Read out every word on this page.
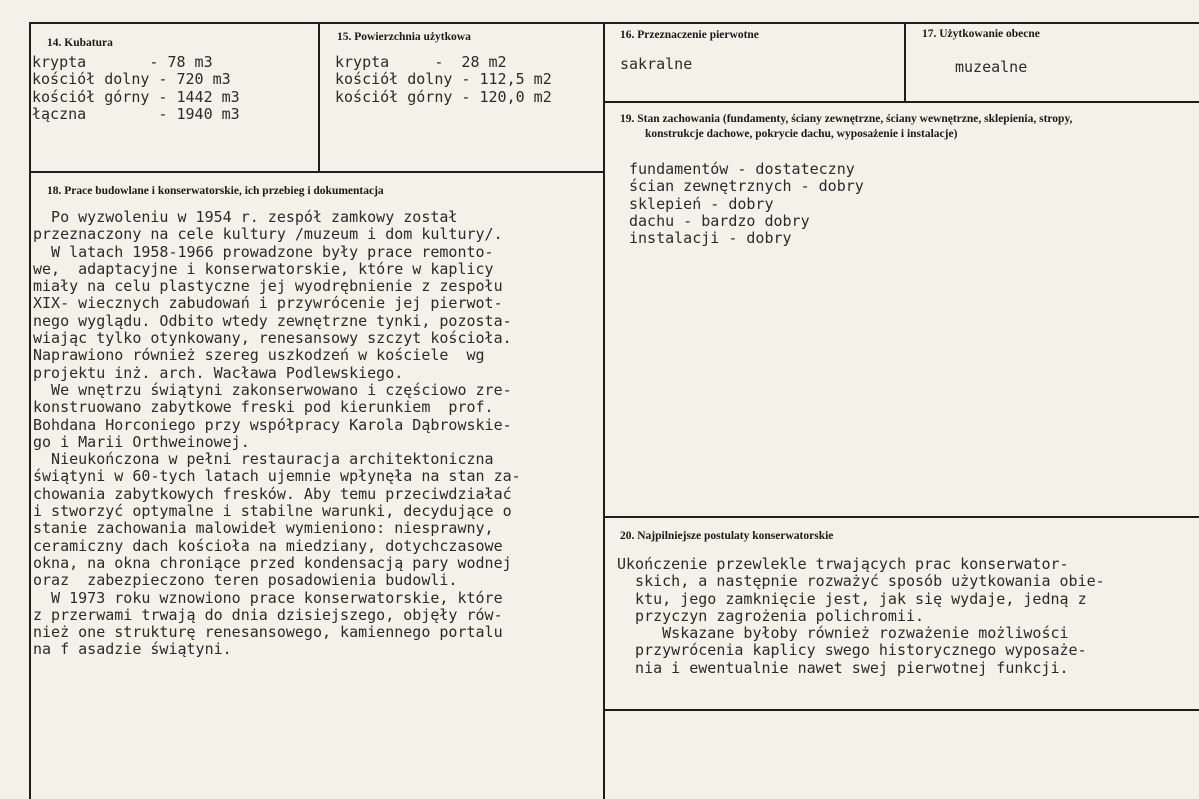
14. Kubatura
krypta       - 78 m3
kościół dolny - 720 m3
kościół górny - 1442 m3
łączna        - 1940 m3
15. Powierzchnia użytkowa
krypta     -  28 m2
kościół dolny - 112,5 m2
kościół górny - 120,0 m2
16. Przeznaczenie pierwotne
sakralne
17. Użytkowanie obecne
muzealne
19. Stan zachowania (fundamenty, ściany zewnętrzne, ściany wewnętrzne, sklepienia, stropy,
konstrukcje dachowe, pokrycie dachu, wyposażenie i instalacje)
fundamentów - dostateczny
ścian zewnętrznych - dobry
sklepień - dobry
dachu - bardzo dobry
instalacji - dobry
18. Prace budowlane i konserwatorskie, ich przebieg i dokumentacja
Po wyzwoleniu w 1954 r. zespół zamkowy został
przeznaczony na cele kultury /muzeum i dom kultury/.
W latach 1958-1966 prowadzone były prace remonto-
we,  adaptacyjne i konserwatorskie, które w kaplicy
miały na celu plastyczne jej wyodrębnienie z zespołu
XIX- wiecznych zabudowań i przywrócenie jej pierwot-
nego wyglądu. Odbito wtedy zewnętrzne tynki, pozosta-
wiając tylko otynkowany, renesansowy szczyt kościoła.
Naprawiono również szereg uszkodzeń w kościele  wg
projektu inż. arch. Wacława Podlewskiego.
We wnętrzu świątyni zakonserwowano i częściowo zre-
konstruowano zabytkowe freski pod kierunkiem  prof.
Bohdana Horconiego przy współpracy Karola Dąbrowskie-
go i Marii Orthweinowej.
Nieukończona w pełni restauracja architektoniczna
świątyni w 60-tych latach ujemnie wpłynęła na stan za-
chowania zabytkowych fresków. Aby temu przeciwdziałać
i stworzyć optymalne i stabilne warunki, decydujące o
stanie zachowania malowideł wymieniono: niesprawny,
ceramiczny dach kościoła na miedziany, dotychczasowe
okna, na okna chroniące przed kondensacją pary wodnej
oraz  zabezpieczono teren posadowienia budowli.
W 1973 roku wznowiono prace konserwatorskie, które
z przerwami trwają do dnia dzisiejszego, objęły rów-
nież one strukturę renesansowego, kamiennego portalu
na f asadzie świątyni.
20. Najpilniejsze postulaty konserwatorskie
Ukończenie przewlekle trwających prac konserwator-
skich, a następnie rozważyć sposób użytkowania obie-
ktu, jego zamknięcie jest, jak się wydaje, jedną z
przyczyn zagrożenia polichromii.
Wskazane byłoby również rozważenie możliwości
przywrócenia kaplicy swego historycznego wyposaże-
nia i ewentualnie nawet swej pierwotnej funkcji.
